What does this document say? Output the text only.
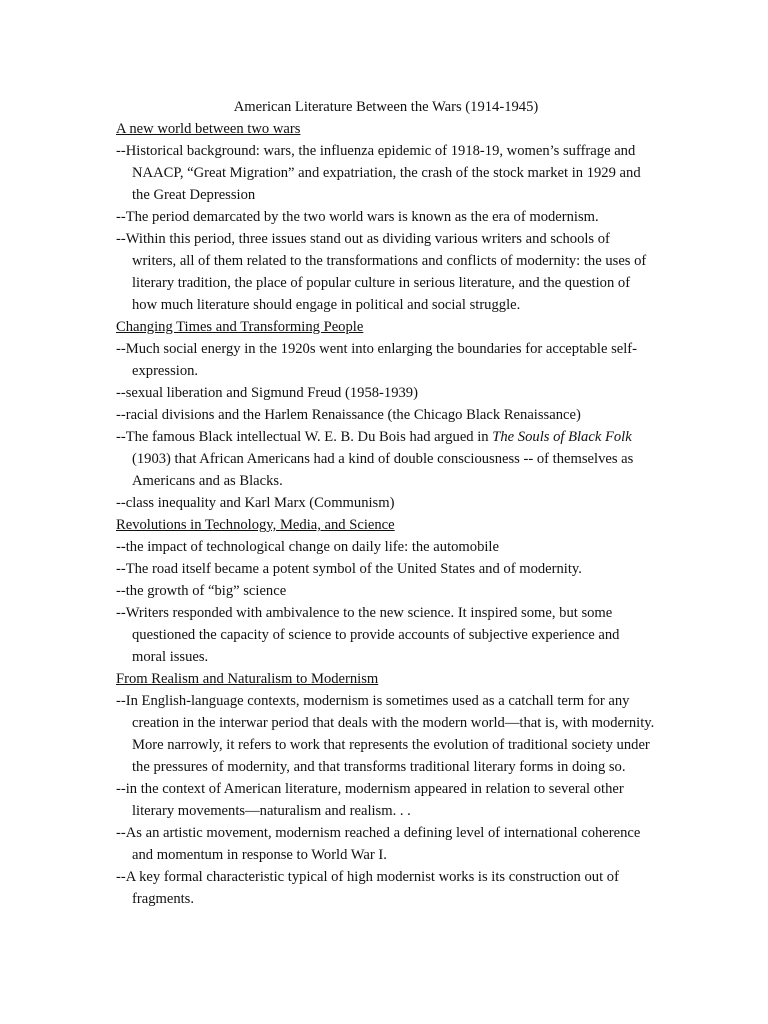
American Literature Between the Wars (1914-1945)

A new world between two wars

--Historical background: wars, the influenza epidemic of 1918-19, women’s suffrage and NAACP, “Great Migration” and expatriation, the crash of the stock market in 1929 and the Great Depression

--The period demarcated by the two world wars is known as the era of modernism.

--Within this period, three issues stand out as dividing various writers and schools of writers, all of them related to the transformations and conflicts of modernity: the uses of literary tradition, the place of popular culture in serious literature, and the question of how much literature should engage in political and social struggle.

Changing Times and Transforming People

--Much social energy in the 1920s went into enlarging the boundaries for acceptable self-expression.

--sexual liberation and Sigmund Freud (1958-1939)

--racial divisions and the Harlem Renaissance (the Chicago Black Renaissance)

--The famous Black intellectual W. E. B. Du Bois had argued in The Souls of Black Folk (1903) that African Americans had a kind of double consciousness -- of themselves as Americans and as Blacks.

--class inequality and Karl Marx (Communism)

Revolutions in Technology, Media, and Science

--the impact of technological change on daily life: the automobile

--The road itself became a potent symbol of the United States and of modernity.

--the growth of “big” science

--Writers responded with ambivalence to the new science. It inspired some, but some questioned the capacity of science to provide accounts of subjective experience and moral issues.

From Realism and Naturalism to Modernism

--In English-language contexts, modernism is sometimes used as a catchall term for any creation in the interwar period that deals with the modern world—that is, with modernity. More narrowly, it refers to work that represents the evolution of traditional society under the pressures of modernity, and that transforms traditional literary forms in doing so.

--in the context of American literature, modernism appeared in relation to several other literary movements—naturalism and realism. . .

--As an artistic movement, modernism reached a defining level of international coherence and momentum in response to World War I.

--A key formal characteristic typical of high modernist works is its construction out of fragments.
